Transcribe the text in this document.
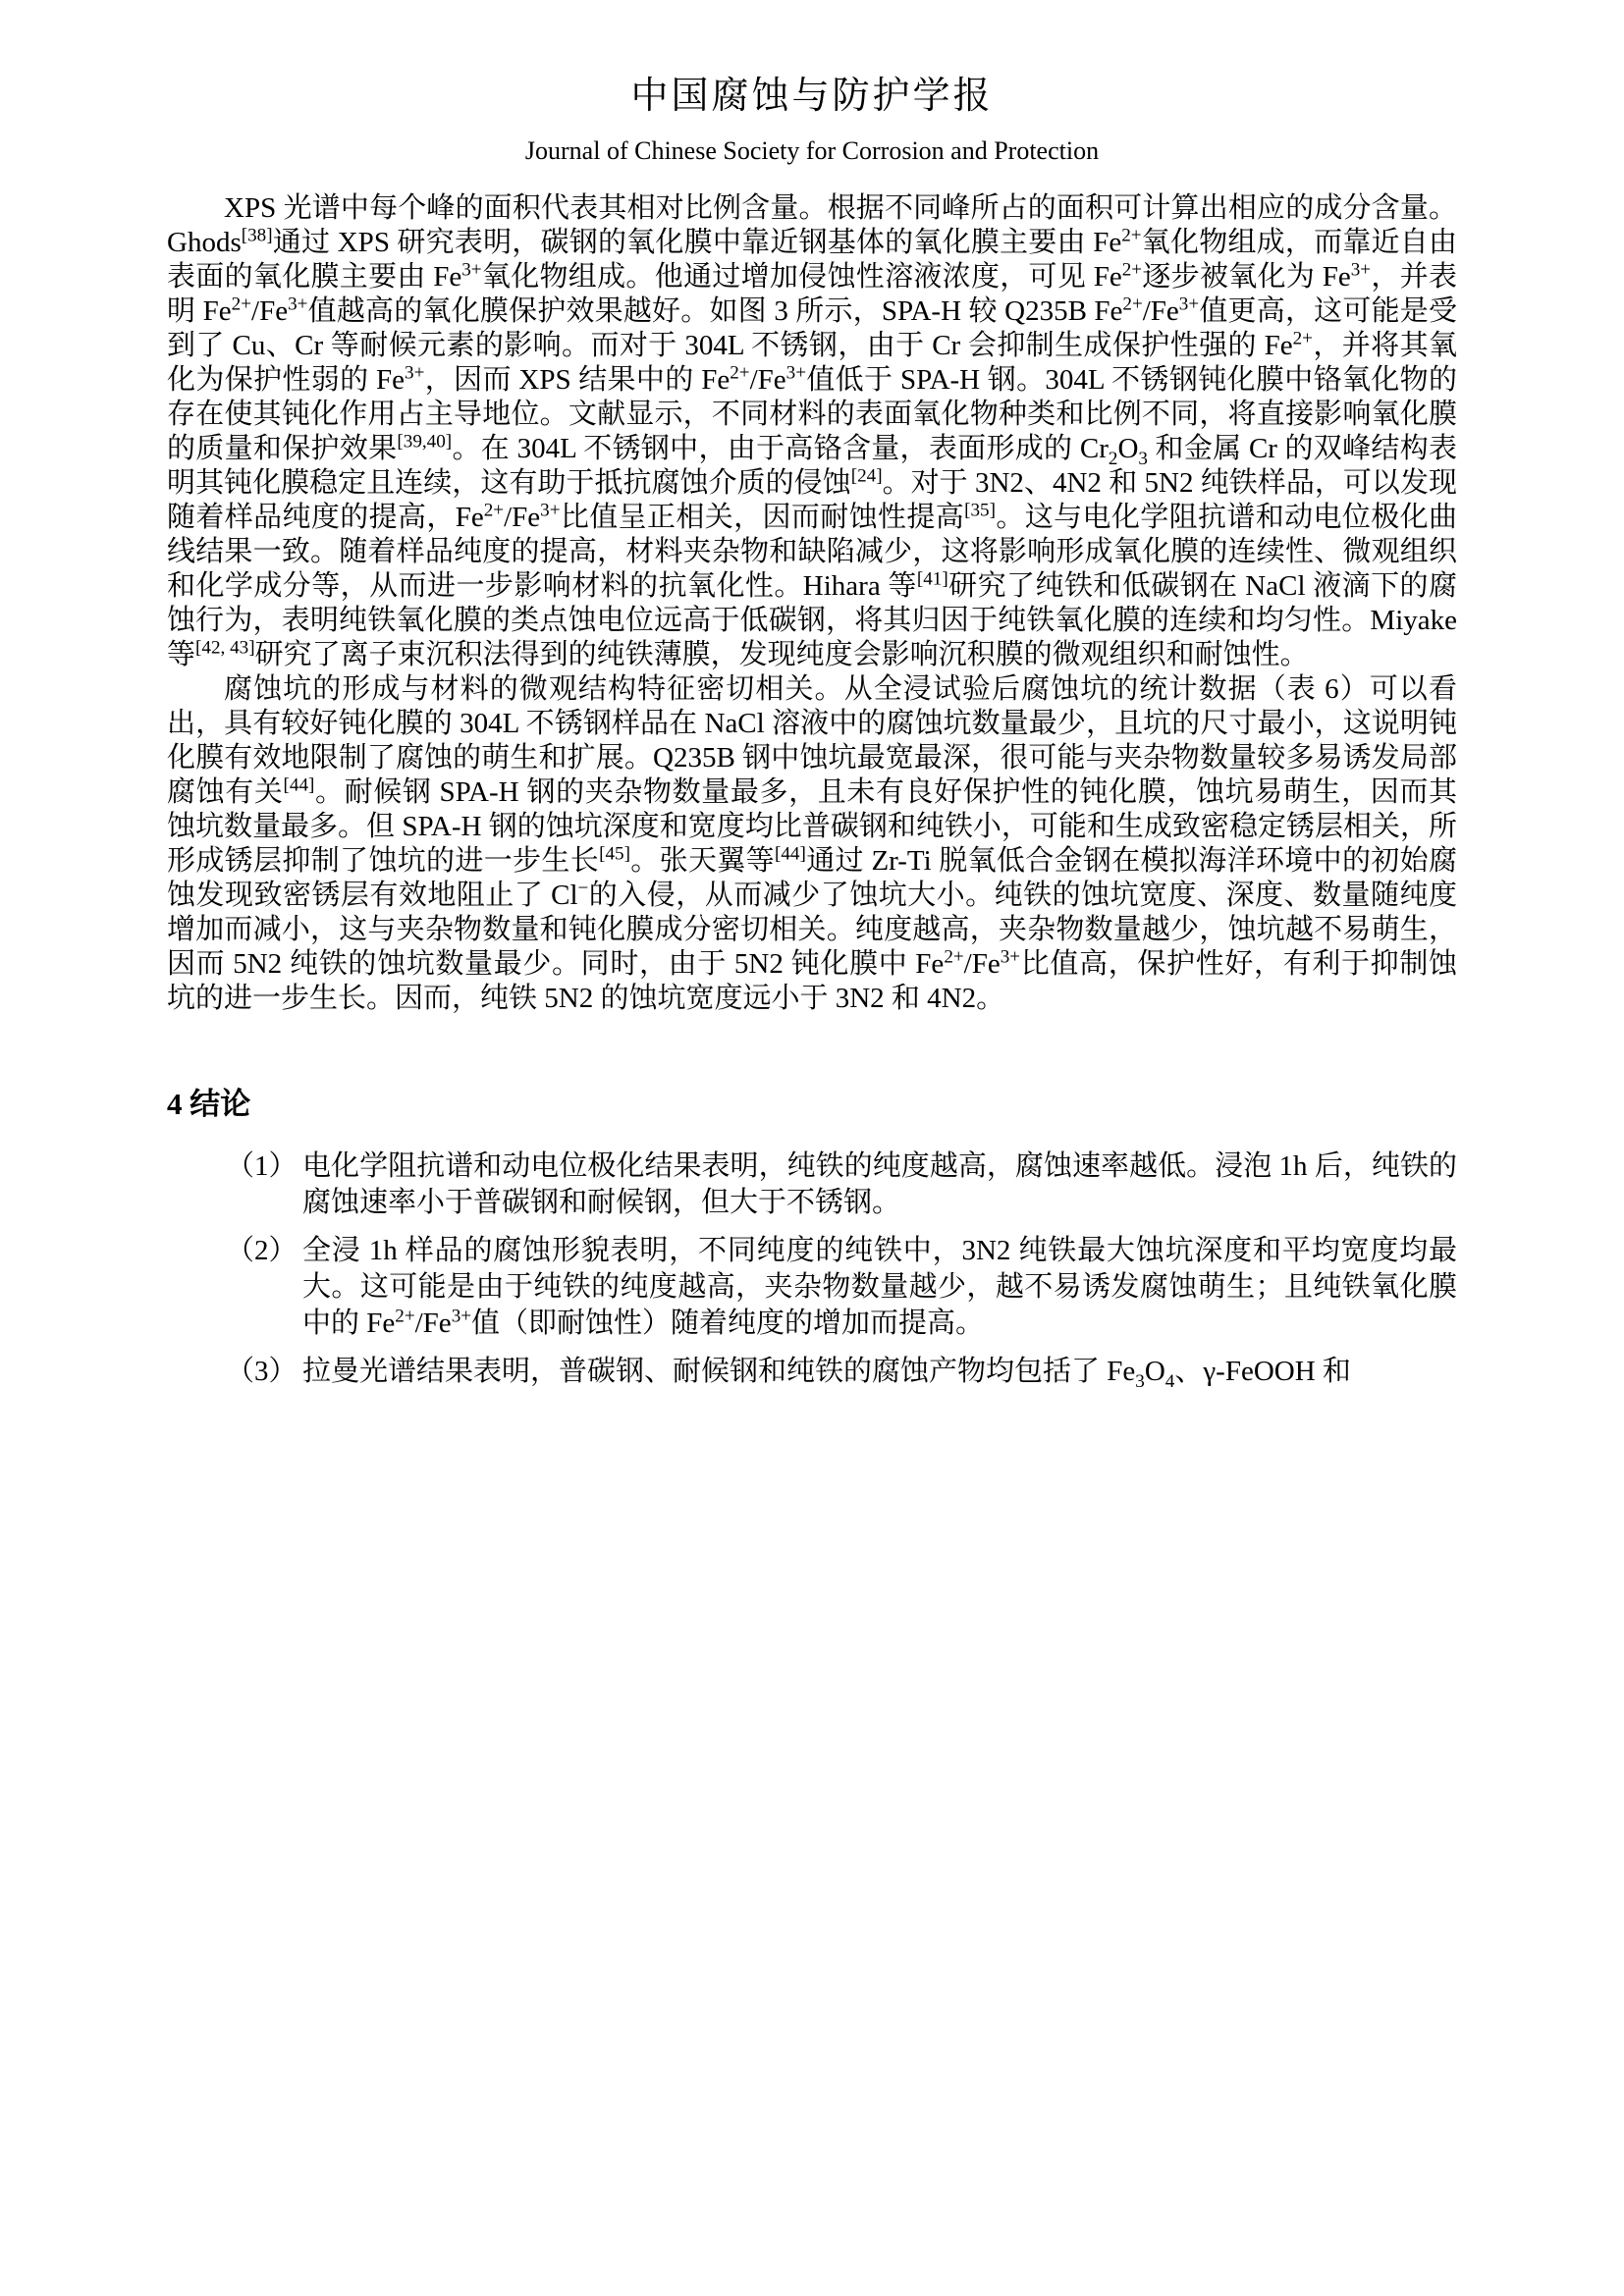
中国腐蚀与防护学报
Journal of Chinese Society for Corrosion and Protection

XPS 光谱中每个峰的面积代表其相对比例含量。根据不同峰所占的面积可计算出相应的成分含量。Ghods[38]通过 XPS 研究表明，碳钢的氧化膜中靠近钢基体的氧化膜主要由 $Fe^{2+}$氧化物组成，而靠近自由表面的氧化膜主要由 $Fe^{3+}$氧化物组成。他通过增加侵蚀性溶液浓度，可见 $Fe^{2+}$逐步被氧化为 $Fe^{3+}$，并表明 $Fe^{2+}/Fe^{3+}$值越高的氧化膜保护效果越好。如图 3 所示，SPA-H 较 Q235B $Fe^{2+}/Fe^{3+}$值更高，这可能是受到了 Cu、Cr 等耐候元素的影响。而对于 304L 不锈钢，由于 Cr 会抑制生成保护性强的 $Fe^{2+}$，并将其氧化为保护性弱的 $Fe^{3+}$，因而 XPS 结果中的 $Fe^{2+}/Fe^{3+}$值低于 SPA-H 钢。304L 不锈钢钝化膜中铬氧化物的存在使其钝化作用占主导地位。文献显示，不同材料的表面氧化物种类和比例不同，将直接影响氧化膜的质量和保护效果[39,40]。在 304L 不锈钢中，由于高铬含量，表面形成的 $Cr_2O_3$ 和金属 Cr 的双峰结构表明其钝化膜稳定且连续，这有助于抵抗腐蚀介质的侵蚀[24]。对于 3N2、4N2 和 5N2 纯铁样品，可以发现随着样品纯度的提高，$Fe^{2+}/Fe^{3+}$比值呈正相关，因而耐蚀性提高[35]。这与电化学阻抗谱和动电位极化曲线结果一致。随着样品纯度的提高，材料夹杂物和缺陷减少，这将影响形成氧化膜的连续性、微观组织和化学成分等，从而进一步影响材料的抗氧化性。Hihara 等[41]研究了纯铁和低碳钢在 NaCl 液滴下的腐蚀行为，表明纯铁氧化膜的类点蚀电位远高于低碳钢，将其归因于纯铁氧化膜的连续和均匀性。Miyake 等[42, 43]研究了离子束沉积法得到的纯铁薄膜，发现纯度会影响沉积膜的微观组织和耐蚀性。

腐蚀坑的形成与材料的微观结构特征密切相关。从全浸试验后腐蚀坑的统计数据（表 6）可以看出，具有较好钝化膜的 304L 不锈钢样品在 NaCl 溶液中的腐蚀坑数量最少，且坑的尺寸最小，这说明钝化膜有效地限制了腐蚀的萌生和扩展。Q235B 钢中蚀坑最宽最深，很可能与夹杂物数量较多易诱发局部腐蚀有关[44]。耐候钢 SPA-H 钢的夹杂物数量最多，且未有良好保护性的钝化膜，蚀坑易萌生，因而其蚀坑数量最多。但 SPA-H 钢的蚀坑深度和宽度均比普碳钢和纯铁小，可能和生成致密稳定锈层相关，所形成锈层抑制了蚀坑的进一步生长[45]。张天翼等[44]通过 Zr-Ti 脱氧低合金钢在模拟海洋环境中的初始腐蚀发现致密锈层有效地阻止了 Cl−的入侵，从而减少了蚀坑大小。纯铁的蚀坑宽度、深度、数量随纯度增加而减小，这与夹杂物数量和钝化膜成分密切相关。纯度越高，夹杂物数量越少，蚀坑越不易萌生，因而 5N2 纯铁的蚀坑数量最少。同时，由于 5N2 钝化膜中 $Fe^{2+}/Fe^{3+}$比值高，保护性好，有利于抑制蚀坑的进一步生长。因而，纯铁 5N2 的蚀坑宽度远小于 3N2 和 4N2。

4 结论
（1） 电化学阻抗谱和动电位极化结果表明，纯铁的纯度越高，腐蚀速率越低。浸泡 1h 后，纯铁的腐蚀速率小于普碳钢和耐候钢，但大于不锈钢。
（2） 全浸 1h 样品的腐蚀形貌表明，不同纯度的纯铁中，3N2 纯铁最大蚀坑深度和平均宽度均最大。这可能是由于纯铁的纯度越高，夹杂物数量越少，越不易诱发腐蚀萌生；且纯铁氧化膜中的 $Fe^{2+}/Fe^{3+}$值（即耐蚀性）随着纯度的增加而提高。
（3） 拉曼光谱结果表明，普碳钢、耐候钢和纯铁的腐蚀产物均包括了 $Fe_3O_4$、γ-FeOOH 和
